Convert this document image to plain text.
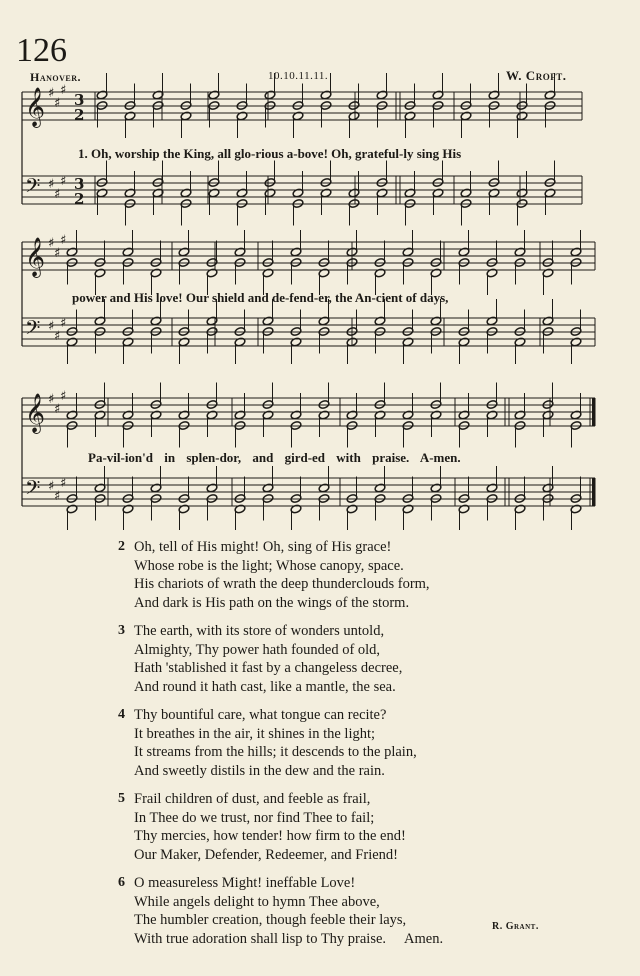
126
Hanover.	10.10.11.11.	W. Croft.
𝄞 ♯
♯
♯
3
2
𝄢 ♯
♯
♯ 3
2
𝄞 ♯
♯
♯
𝄢 ♯
♯
♯
𝄞 ♯
♯
♯
𝄢 ♯
♯
♯
1. Oh, worship the King, all glo-rious a-bove! Oh, grateful-ly sing His
power and His love! Our shield and de-fend-er, the An-cient of days,
Pa-vil-ion'd in splen-dor, and gird-ed with praise. A-men.
2 Oh, tell of His might! Oh, sing of His grace!
Whose robe is the light; Whose canopy, space.
His chariots of wrath the deep thunderclouds form,
And dark is His path on the wings of the storm.
3 The earth, with its store of wonders untold,
Almighty, Thy power hath founded of old,
Hath 'stablished it fast by a changeless decree,
And round it hath cast, like a mantle, the sea.
4 Thy bountiful care, what tongue can recite?
It breathes in the air, it shines in the light;
It streams from the hills; it descends to the plain,
And sweetly distils in the dew and the rain.
5 Frail children of dust, and feeble as frail,
In Thee do we trust, nor find Thee to fail;
Thy mercies, how tender! how firm to the end!
Our Maker, Defender, Redeemer, and Friend!
6 O measureless Might! ineffable Love!
While angels delight to hymn Thee above,
The humbler creation, though feeble their lays,
With true adoration shall lisp to Thy praise. Amen.
R. Grant.
